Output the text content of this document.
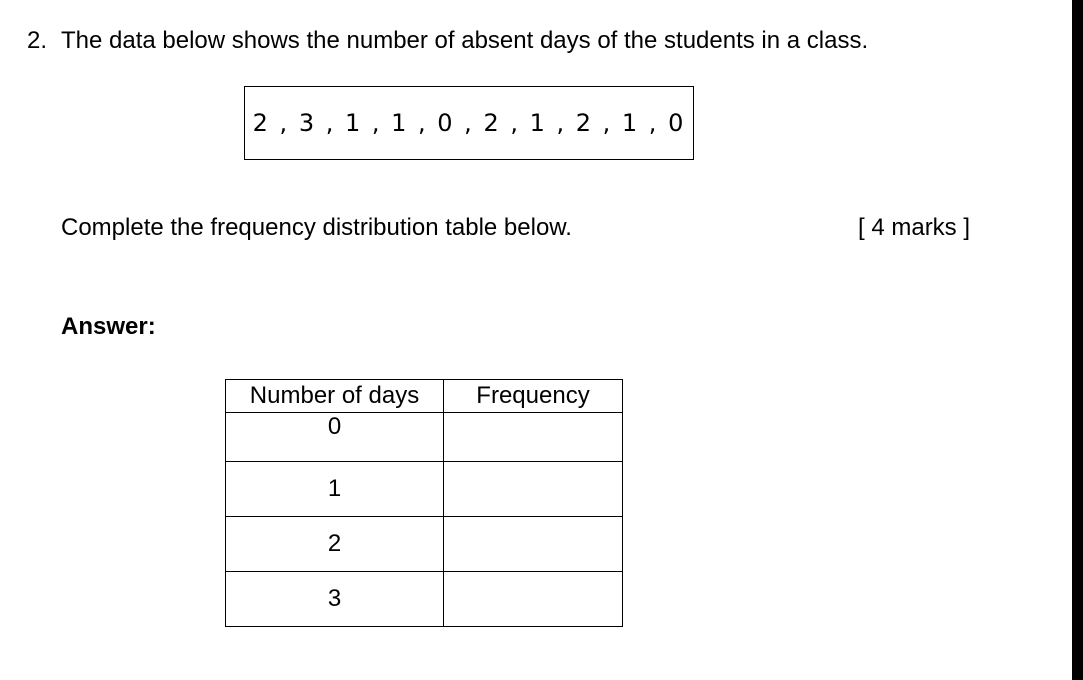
2. The data below shows the number of absent days of the students in a class.
2 , 3 , 1 , 1 , 0 , 2 , 1 , 2 , 1 , 0
Complete the frequency distribution table below.	[ 4 marks ]
Answer:
Number of days	Frequency
0	
1	
2	
3	
